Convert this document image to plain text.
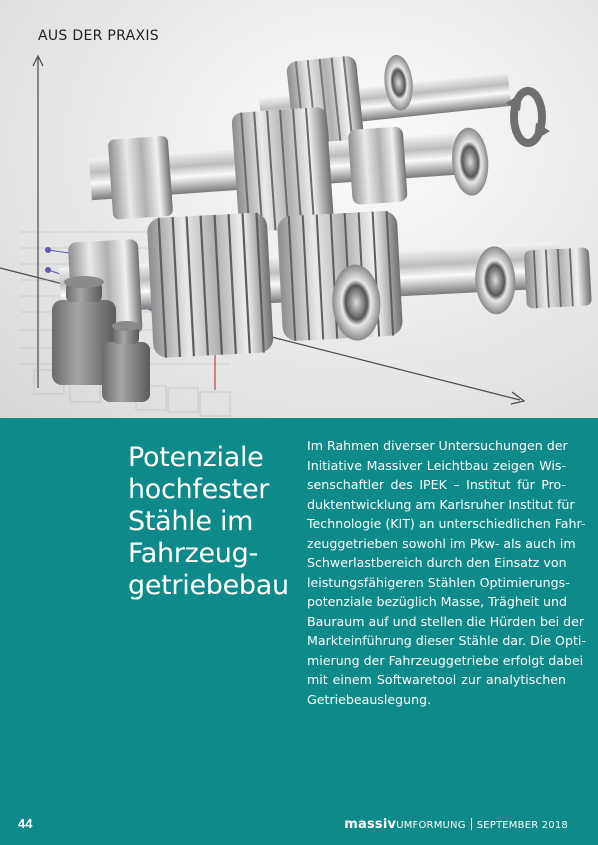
AUS DER PRAXIS
Potenziale
hochfester
Stähle im
Fahrzeug-
getriebebau

Im Rahmen diverser Untersuchungen der
Initiative Massiver Leichtbau zeigen Wis-
senschaftler des IPEK – Institut für Pro-
duktentwicklung am Karlsruher Institut für
Technologie (KIT) an unterschiedlichen Fahr-
zeuggetrieben sowohl im Pkw- als auch im
Schwerlastbereich durch den Einsatz von
leistungsfähigeren Stählen Optimierungs-
potenziale bezüglich Masse, Trägheit und
Bauraum auf und stellen die Hürden bei der
Markteinführung dieser Stähle dar. Die Opti-
mierung der Fahrzeuggetriebe erfolgt dabei
mit einem Softwaretool zur analytischen
Getriebeauslegung.

44	massivUMFORMUNG SEPTEMBER 2018
